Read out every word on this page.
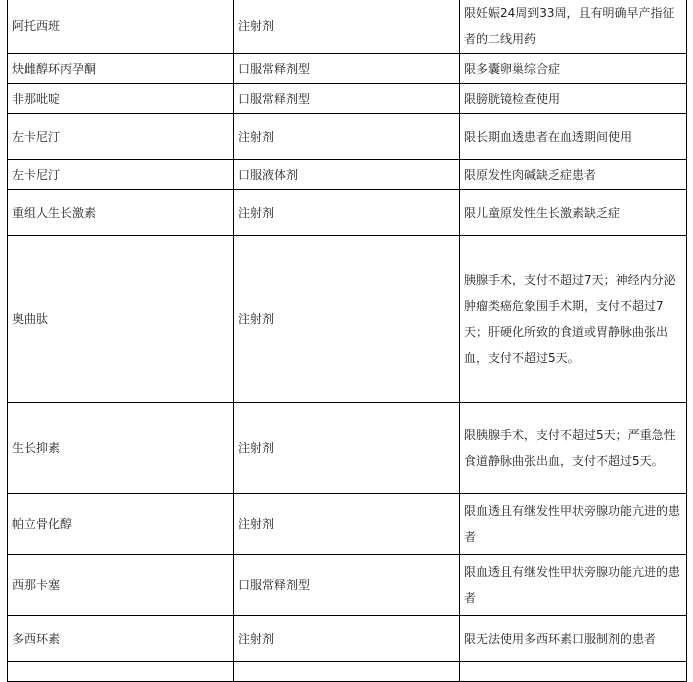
阿托西班	注射剂	限妊娠24周到33周，且有明确早产指征者的二线用药
炔雌醇环丙孕酮	口服常释剂型	限多囊卵巢综合症
非那吡啶	口服常释剂型	限膀胱镜检查使用
左卡尼汀	注射剂	限长期血透患者在血透期间使用
左卡尼汀	口服液体剂	限原发性肉碱缺乏症患者
重组人生长激素	注射剂	限儿童原发性生长激素缺乏症
奥曲肽	注射剂	胰腺手术，支付不超过7天；神经内分泌肿瘤类癌危象围手术期，支付不超过7天；肝硬化所致的食道或胃静脉曲张出血，支付不超过5天。
生长抑素	注射剂	限胰腺手术，支付不超过5天；严重急性食道静脉曲张出血，支付不超过5天。
帕立骨化醇	注射剂	限血透且有继发性甲状旁腺功能亢进的患者
西那卡塞	口服常释剂型	限血透且有继发性甲状旁腺功能亢进的患者
多西环素	注射剂	限无法使用多西环素口服制剂的患者
